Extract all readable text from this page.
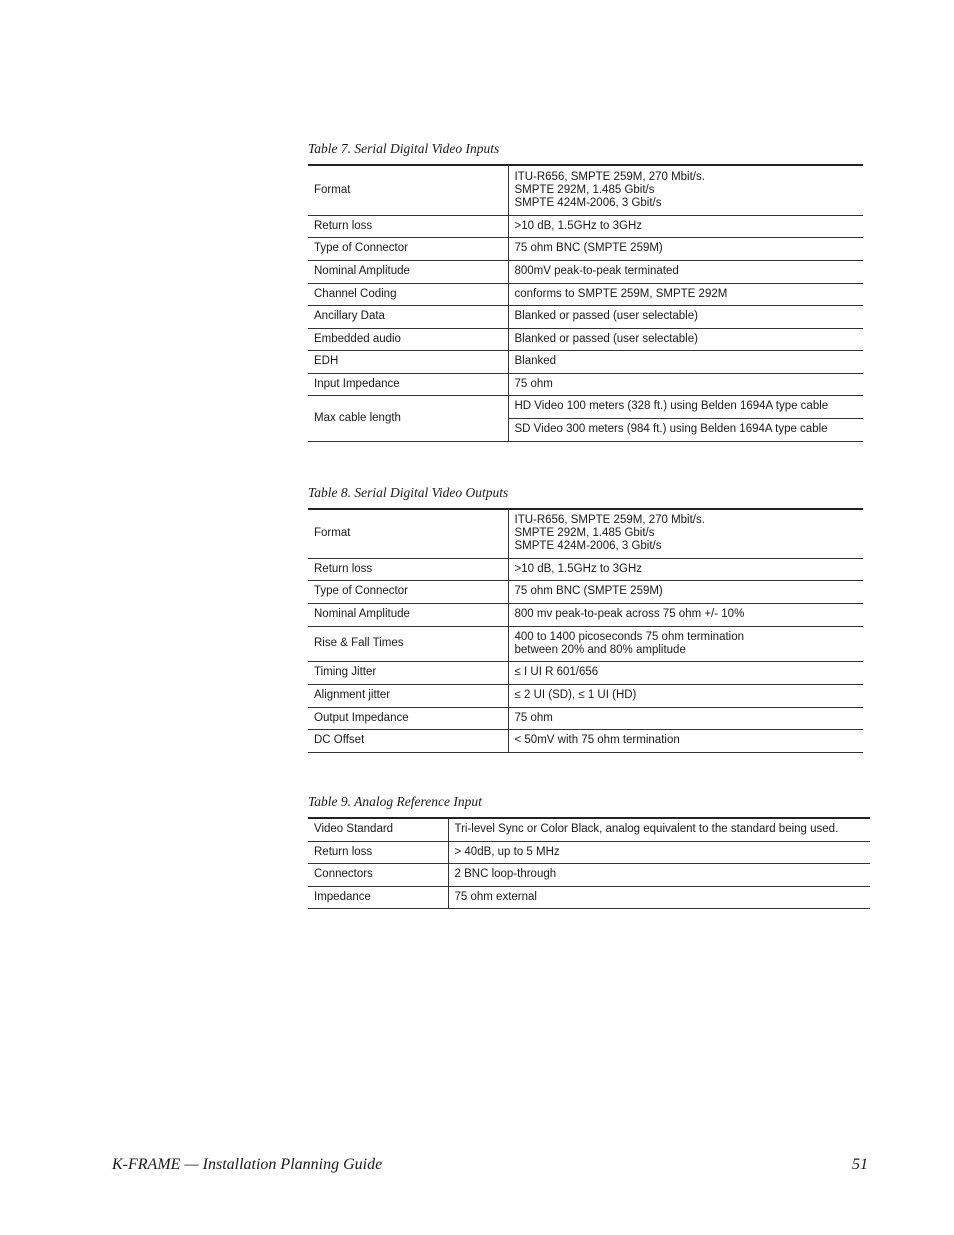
Table 7. Serial Digital Video Inputs
Format	ITU-R656, SMPTE 259M, 270 Mbit/s.
SMPTE 292M, 1.485 Gbit/s
SMPTE 424M-2006, 3 Gbit/s

Return loss	>10 dB, 1.5GHz to 3GHz
Type of Connector	75 ohm BNC (SMPTE 259M)
Nominal Amplitude	800mV peak-to-peak terminated
Channel Coding	conforms to SMPTE 259M, SMPTE 292M
Ancillary Data	Blanked or passed (user selectable)
Embedded audio	Blanked or passed (user selectable)
EDH	Blanked
Input Impedance	75 ohm
Max cable length	HD Video 100 meters (328 ft.) using Belden 1694A type cable
	SD Video 300 meters (984 ft.) using Belden 1694A type cable
Table 8. Serial Digital Video Outputs
Format	ITU-R656, SMPTE 259M, 270 Mbit/s.
SMPTE 292M, 1.485 Gbit/s
SMPTE 424M-2006, 3 Gbit/s

Return loss	>10 dB, 1.5GHz to 3GHz
Type of Connector	75 ohm BNC (SMPTE 259M)
Nominal Amplitude	800 mv peak-to-peak across 75 ohm +/- 10%
Rise & Fall Times	400 to 1400 picoseconds 75 ohm termination
between 20% and 80% amplitude

Timing Jitter	≤ I UI R 601/656
Alignment jitter	≤ 2 UI (SD), ≤ 1 UI (HD)
Output Impedance	75 ohm
DC Offset	< 50mV with 75 ohm termination
Table 9. Analog Reference Input
Video Standard	Tri-level Sync or Color Black, analog equivalent to the standard being used.
Return loss	> 40dB, up to 5 MHz
Connectors	2 BNC loop-through
Impedance	75 ohm external
K-FRAME — Installation Planning Guide	51
